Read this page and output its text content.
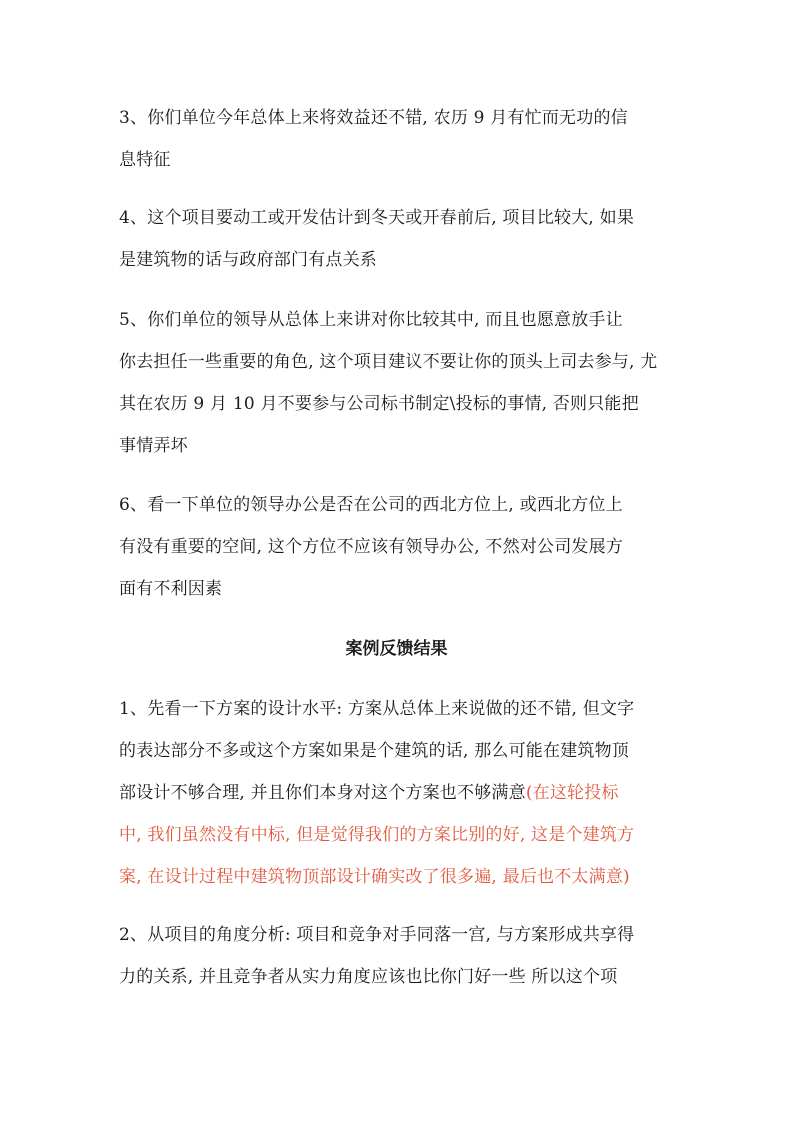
3、你们单位今年总体上来将效益还不错, 农历 9 月有忙而无功的信
息特征
4、这个项目要动工或开发估计到冬天或开春前后, 项目比较大, 如果
是建筑物的话与政府部门有点关系
5、你们单位的领导从总体上来讲对你比较其中, 而且也愿意放手让
你去担任一些重要的角色, 这个项目建议不要让你的顶头上司去参与, 尤
其在农历 9 月 10 月不要参与公司标书制定\投标的事情, 否则只能把
事情弄坏
6、看一下单位的领导办公是否在公司的西北方位上, 或西北方位上
有没有重要的空间, 这个方位不应该有领导办公, 不然对公司发展方
面有不利因素
案例反馈结果
1、先看一下方案的设计水平: 方案从总体上来说做的还不错, 但文字
的表达部分不多或这个方案如果是个建筑的话, 那么可能在建筑物顶
部设计不够合理, 并且你们本身对这个方案也不够满意(在这轮投标
中, 我们虽然没有中标, 但是觉得我们的方案比别的好, 这是个建筑方
案, 在设计过程中建筑物顶部设计确实改了很多遍, 最后也不太满意)
2、从项目的角度分析: 项目和竞争对手同落一宫, 与方案形成共享得
力的关系, 并且竞争者从实力角度应该也比你门好一些 所以这个项
